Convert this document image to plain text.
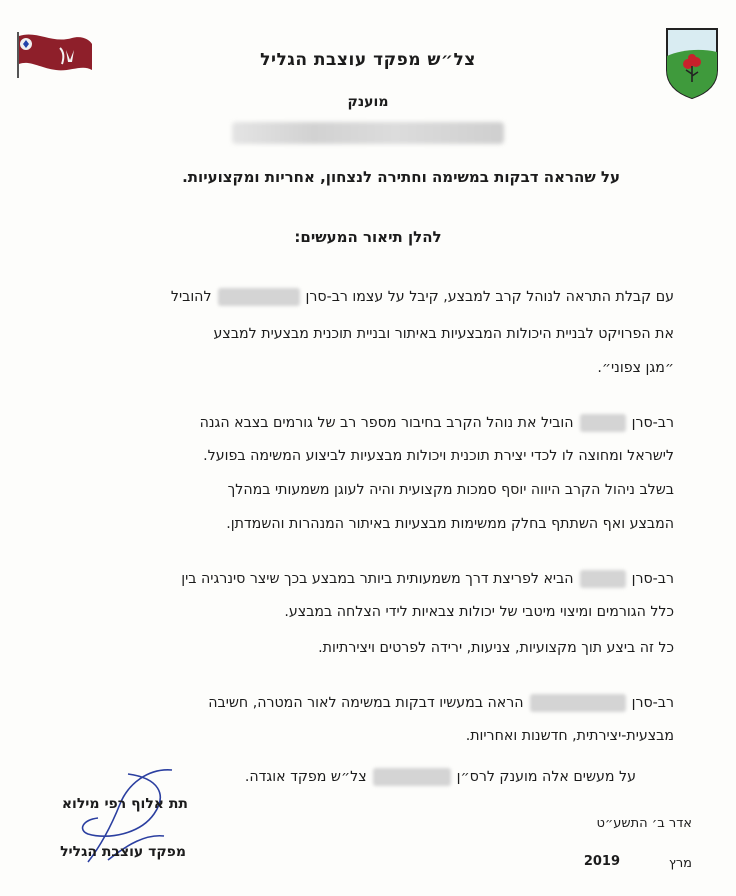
צל״ש מפקד עוצבת הגליל
מוענק
על שהראה דבקות במשימה וחתירה לנצחון, אחריות ומקצועיות.
להלן תיאור המעשים:
עם קבלת התראה לנוהל קרב למבצע, קיבל על עצמו רב-סרןלהוביל
את הפרויקט לבניית היכולות המבצעיות באיתור ובניית תוכנית מבצעית למבצע
״מגן צפוני״.
רב-סרןהוביל את נוהל הקרב בחיבור מספר רב של גורמים בצבא הגנה
לישראל ומחוצה לו לכדי יצירת תוכנית ויכולות מבצעיות לביצוע המשימה בפועל.
בשלב ניהול הקרב היווה יוסף סמכות מקצועית והיה לעוגן משמעותי במהלך
המבצע ואף השתתף בחלק ממשימות מבצעיות באיתור המנהרות והשמדתן.
רב-סרןהביא לפריצת דרך משמעותית ביותר במבצע בכך שיצר סינרגיה בין
כלל הגורמים ומיצוי מיטבי של יכולות צבאיות לידי הצלחה במבצע.
כל זה ביצע תוך מקצועיות, צניעות, ירידה לפרטים ויצירתיות.
רב-סרןהראה במעשיו דבקות במשימה לאור המטרה, חשיבה
מבצעית-יצירתית, חדשנות ואחריות.
על מעשים אלה מוענק לרס״ןצל״ש מפקד אוגדה.
תת אלוף רפי מילוא
מפקד עוצבת הגליל
אדר ב׳ התשע״ט
מרץ
2019
